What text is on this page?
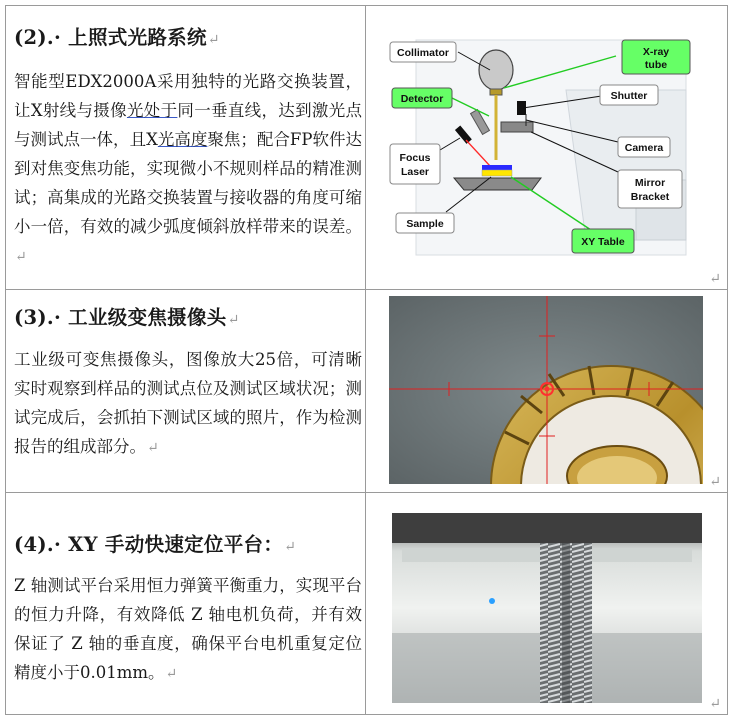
(2).· 上照式光路系统↵
智能型EDX2000A采用独特的光路交换装置，让X射线与摄像光处于同一垂直线，达到激光点与测试点一体，且X光高度聚焦；配合FP软件达到对焦变焦功能，实现微小不规则样品的精准测试；高集成的光路交换装置与接收器的角度可缩小一倍，有效的减少弧度倾斜放样带来的误差。↵
Collimator	X-ray
tube
Detector	Shutter
Camera
Focus
Laser
Mirror
Bracket
Sample
XY Table
↵
(3).· 工业级变焦摄像头↵
工业级可变焦摄像头，图像放大25倍，可清晰实时观察到样品的测试点位及测试区域状况；测试完成后，会抓拍下测试区域的照片，作为检测报告的组成部分。↵
↵
(4).· XY 手动快速定位平台：↵
Z 轴测试平台采用恒力弹簧平衡重力，实现平台的恒力升降，有效降低 Z 轴电机负荷，并有效保证了 Z 轴的垂直度，确保平台电机重复定位精度小于0.01mm。↵
↵
